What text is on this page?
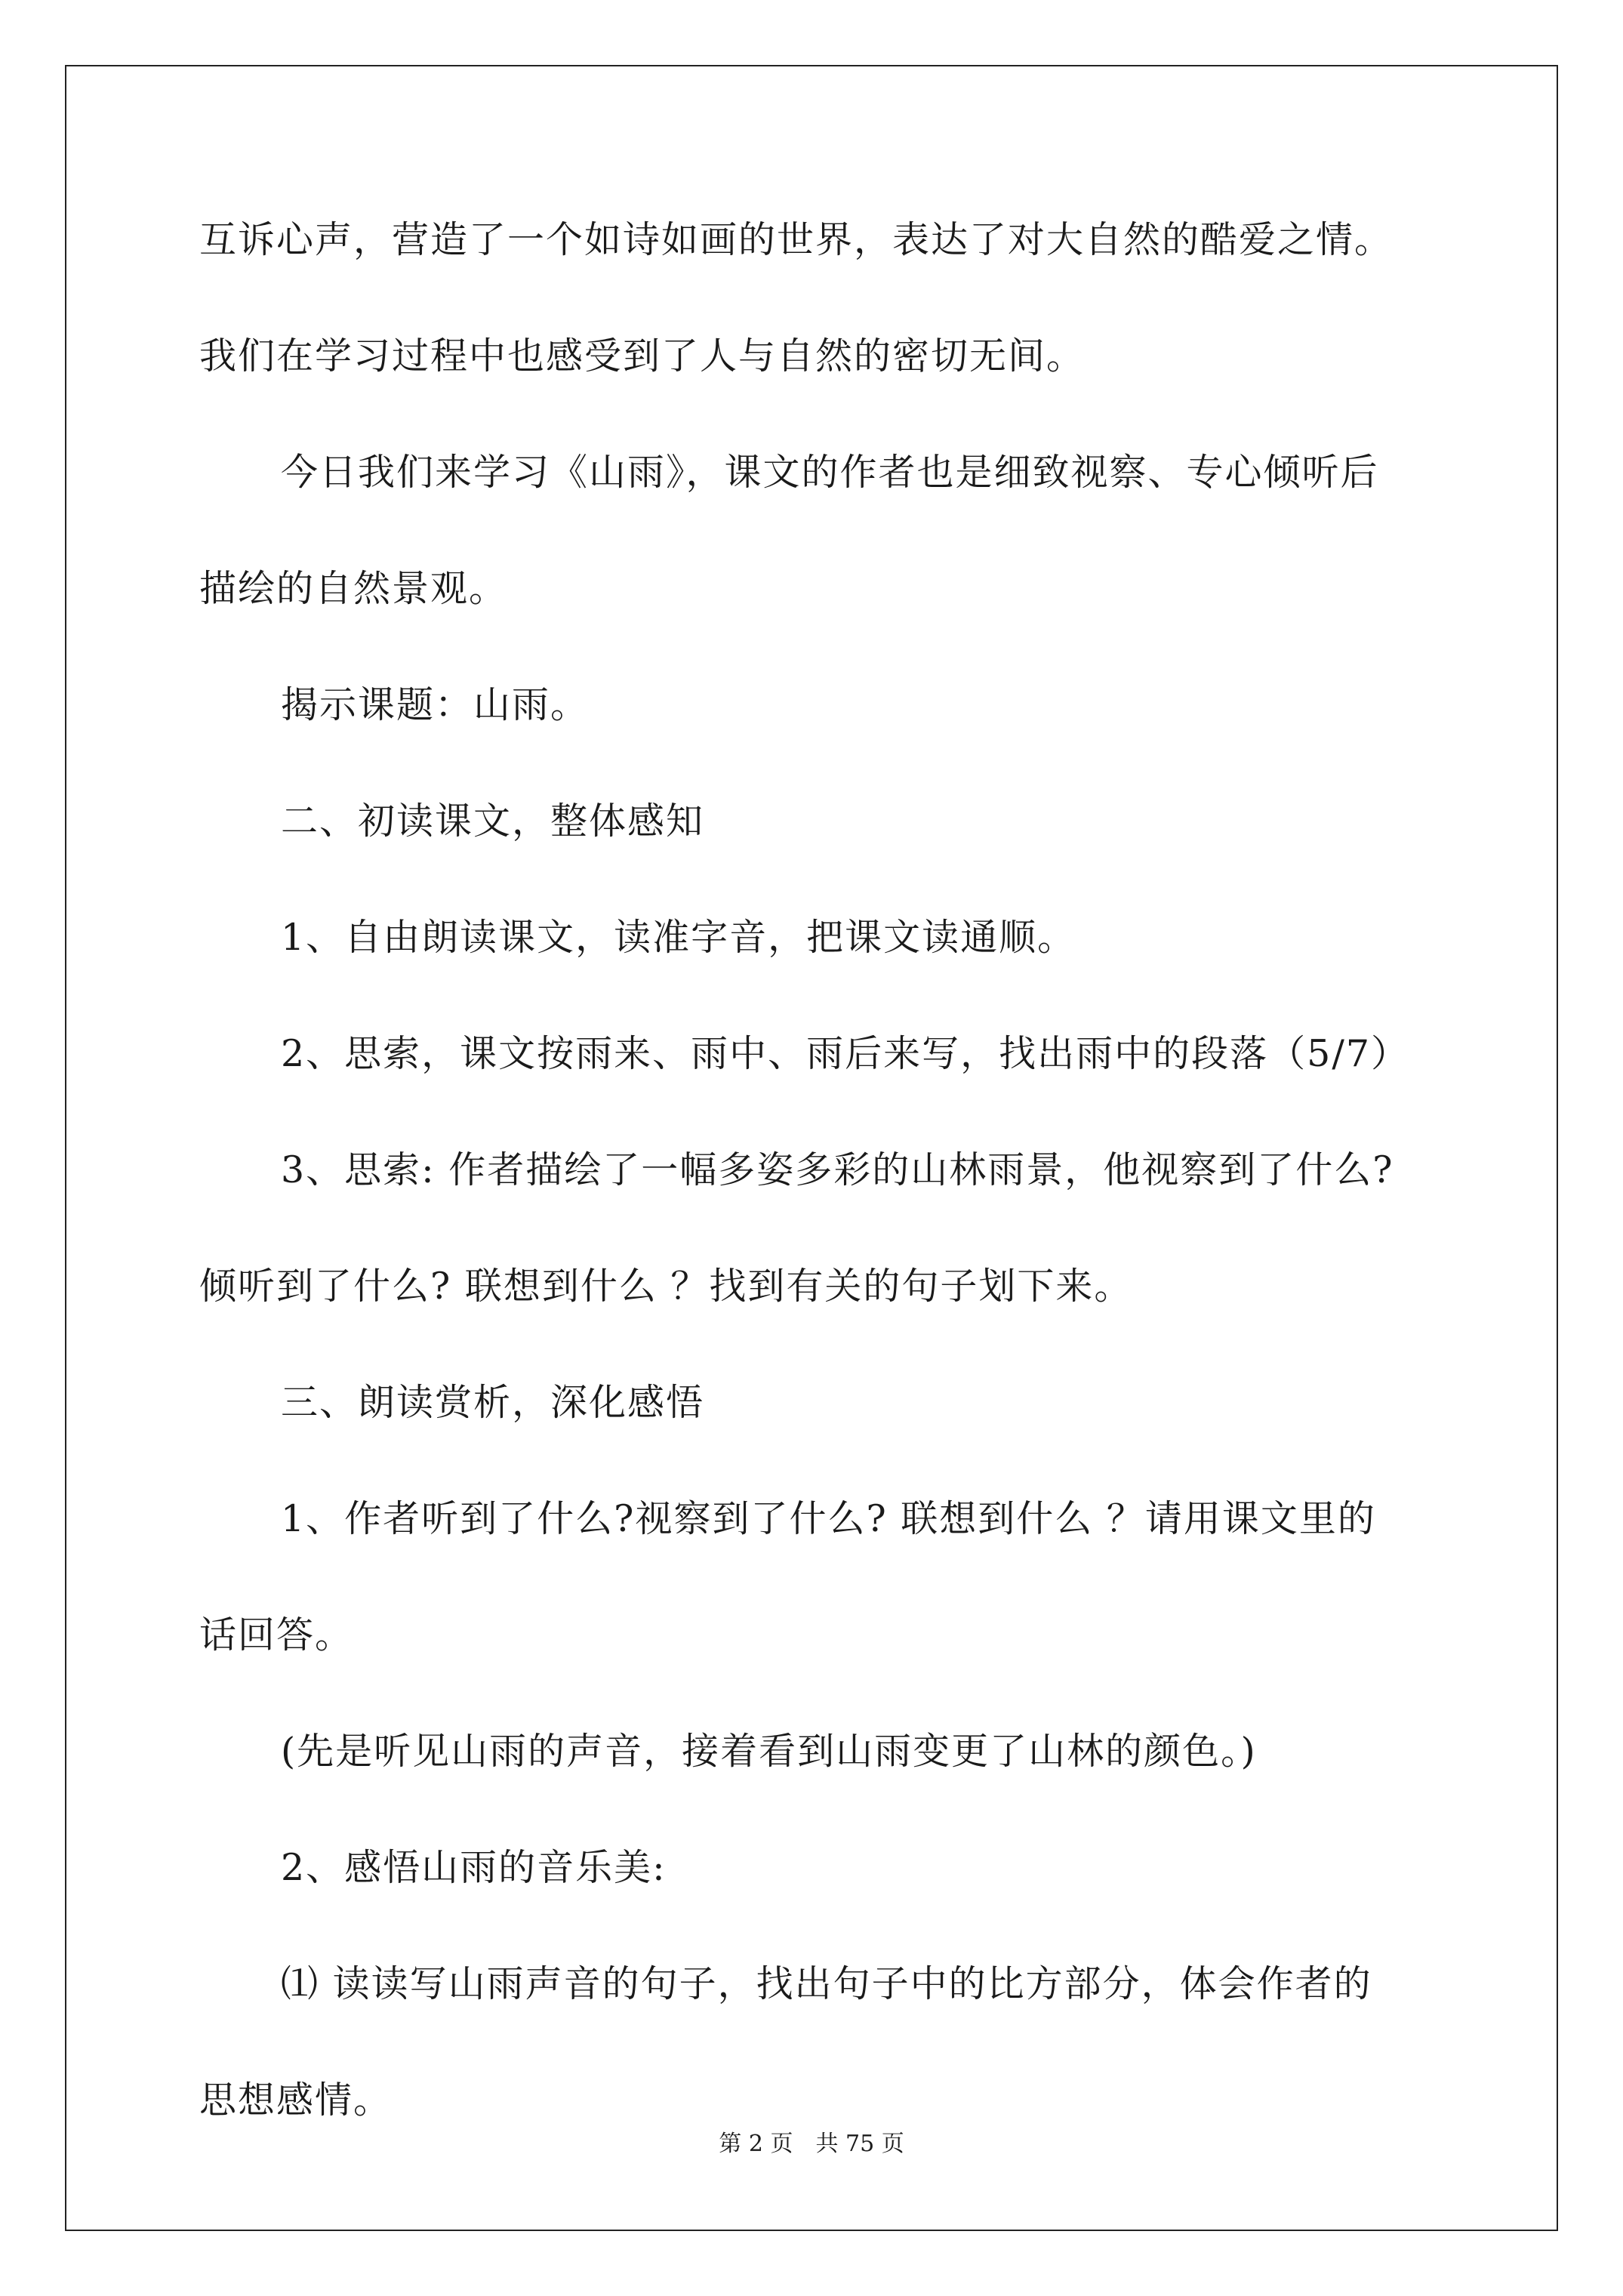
互诉心声，营造了一个如诗如画的世界，表达了对大自然的酷爱之情。
我们在学习过程中也感受到了人与自然的密切无间。
今日我们来学习《山雨》，课文的作者也是细致视察、专心倾听后
描绘的自然景观。
揭示课题：山雨。
二、初读课文，整体感知
1、自由朗读课文，读准字音，把课文读通顺。
2、思索，课文按雨来、雨中、雨后来写，找出雨中的段落（5/7）
3、思索: 作者描绘了一幅多姿多彩的山林雨景，他视察到了什么?
倾听到了什么? 联想到什么 ？找到有关的句子划下来。
三、朗读赏析，深化感悟
1、作者听到了什么?视察到了什么? 联想到什么 ？请用课文里的
话回答。
(先是听见山雨的声音，接着看到山雨变更了山林的颜色。)
2、感悟山雨的音乐美:
⑴ 读读写山雨声音的句子，找出句子中的比方部分，体会作者的
思想感情。
第 2 页　共 75 页
